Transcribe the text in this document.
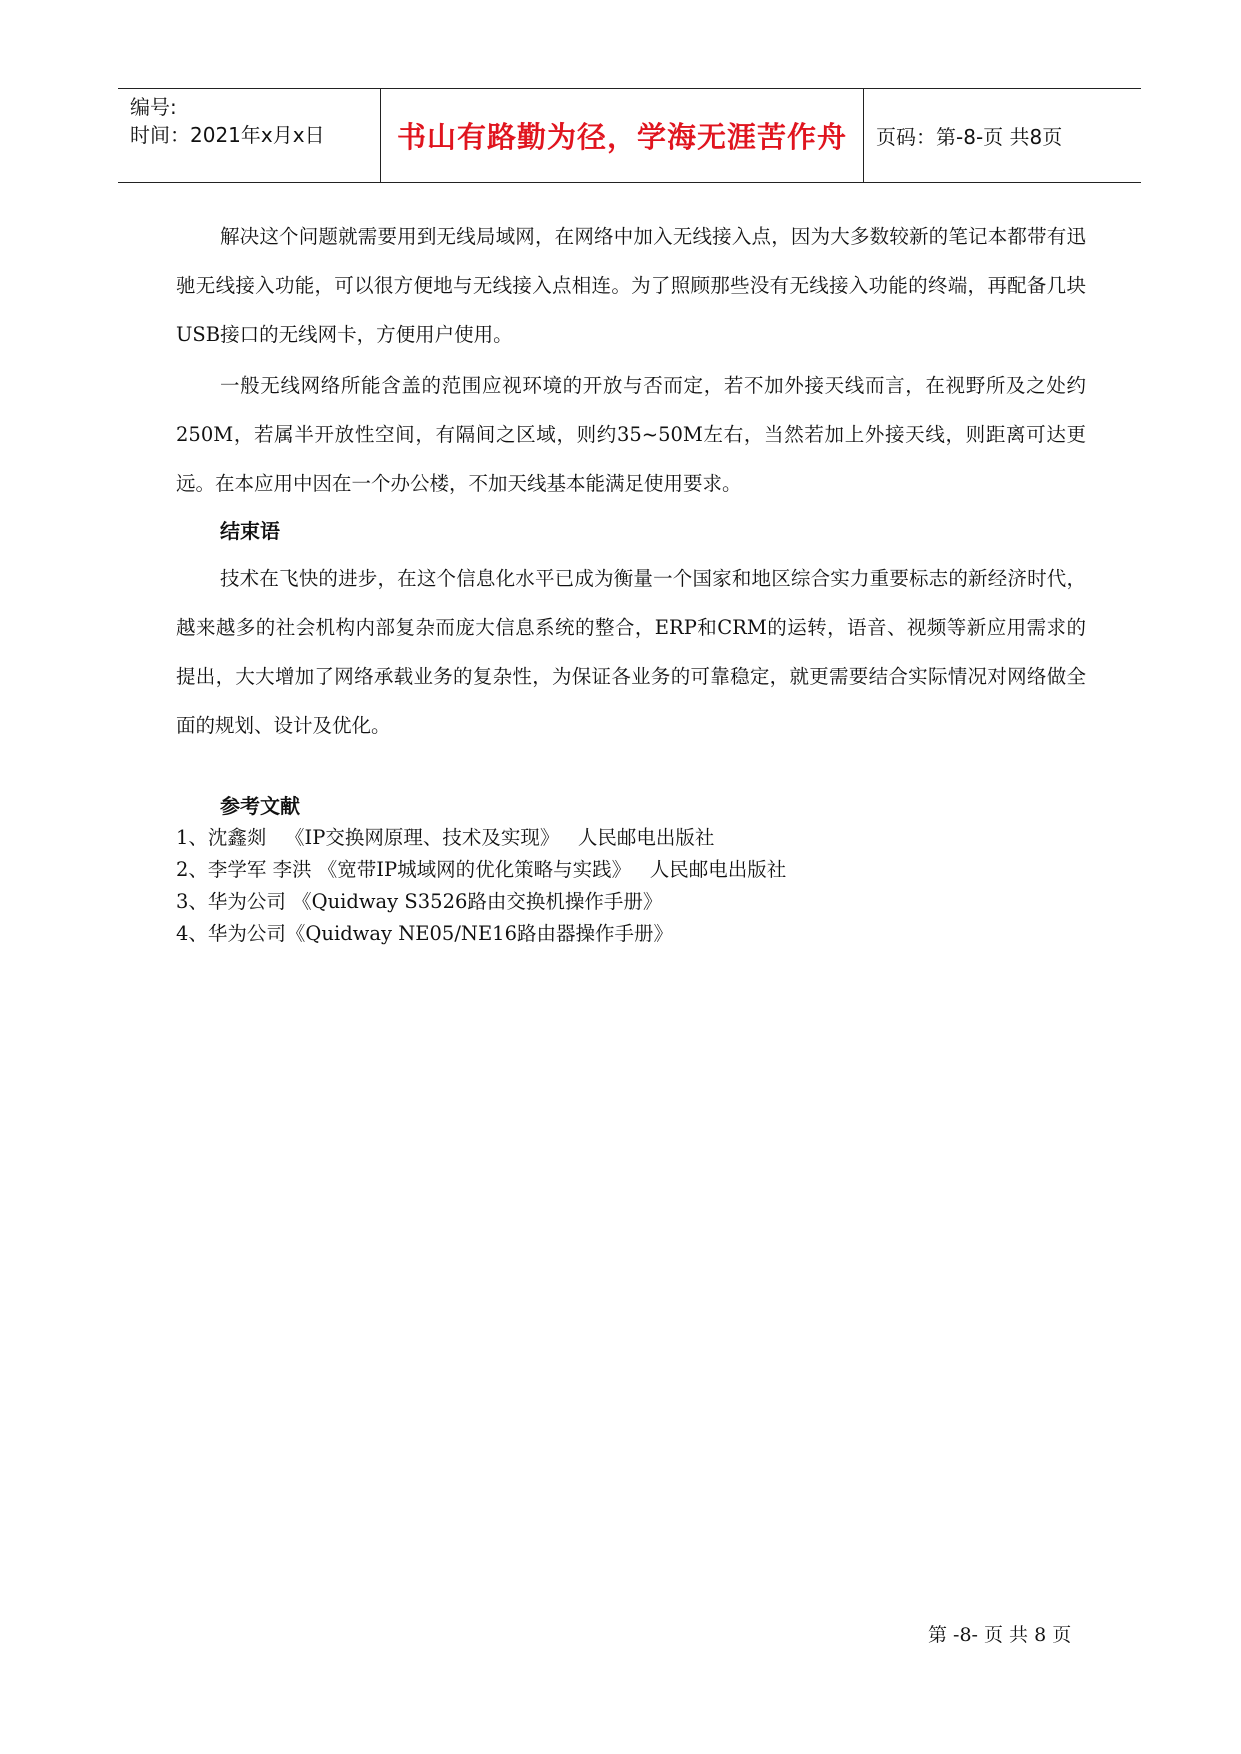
编号:
时间：2021年x月x日	书山有路勤为径，学海无涯苦作舟	页码：第-8-页 共8页

解决这个问题就需要用到无线局域网，在网络中加入无线接入点，因为大多数较新的笔记本都带有迅驰无线接入功能，可以很方便地与无线接入点相连。为了照顾那些没有无线接入功能的终端，再配备几块USB接口的无线网卡，方便用户使用。

一般无线网络所能含盖的范围应视环境的开放与否而定，若不加外接天线而言，在视野所及之处约250M，若属半开放性空间，有隔间之区域，则约35~50M左右，当然若加上外接天线，则距离可达更远。在本应用中因在一个办公楼，不加天线基本能满足使用要求。

结束语

技术在飞快的进步，在这个信息化水平已成为衡量一个国家和地区综合实力重要标志的新经济时代，越来越多的社会机构内部复杂而庞大信息系统的整合，ERP和CRM的运转，语音、视频等新应用需求的提出，大大增加了网络承载业务的复杂性，为保证各业务的可靠稳定，就更需要结合实际情况对网络做全面的规划、设计及优化。

参考文献
1、沈鑫剡   《IP交换网原理、技术及实现》   人民邮电出版社
2、李学军 李洪 《宽带IP城域网的优化策略与实践》   人民邮电出版社
3、华为公司 《Quidway S3526路由交换机操作手册》
4、华为公司《Quidway NE05/NE16路由器操作手册》
第 -8- 页 共 8 页
